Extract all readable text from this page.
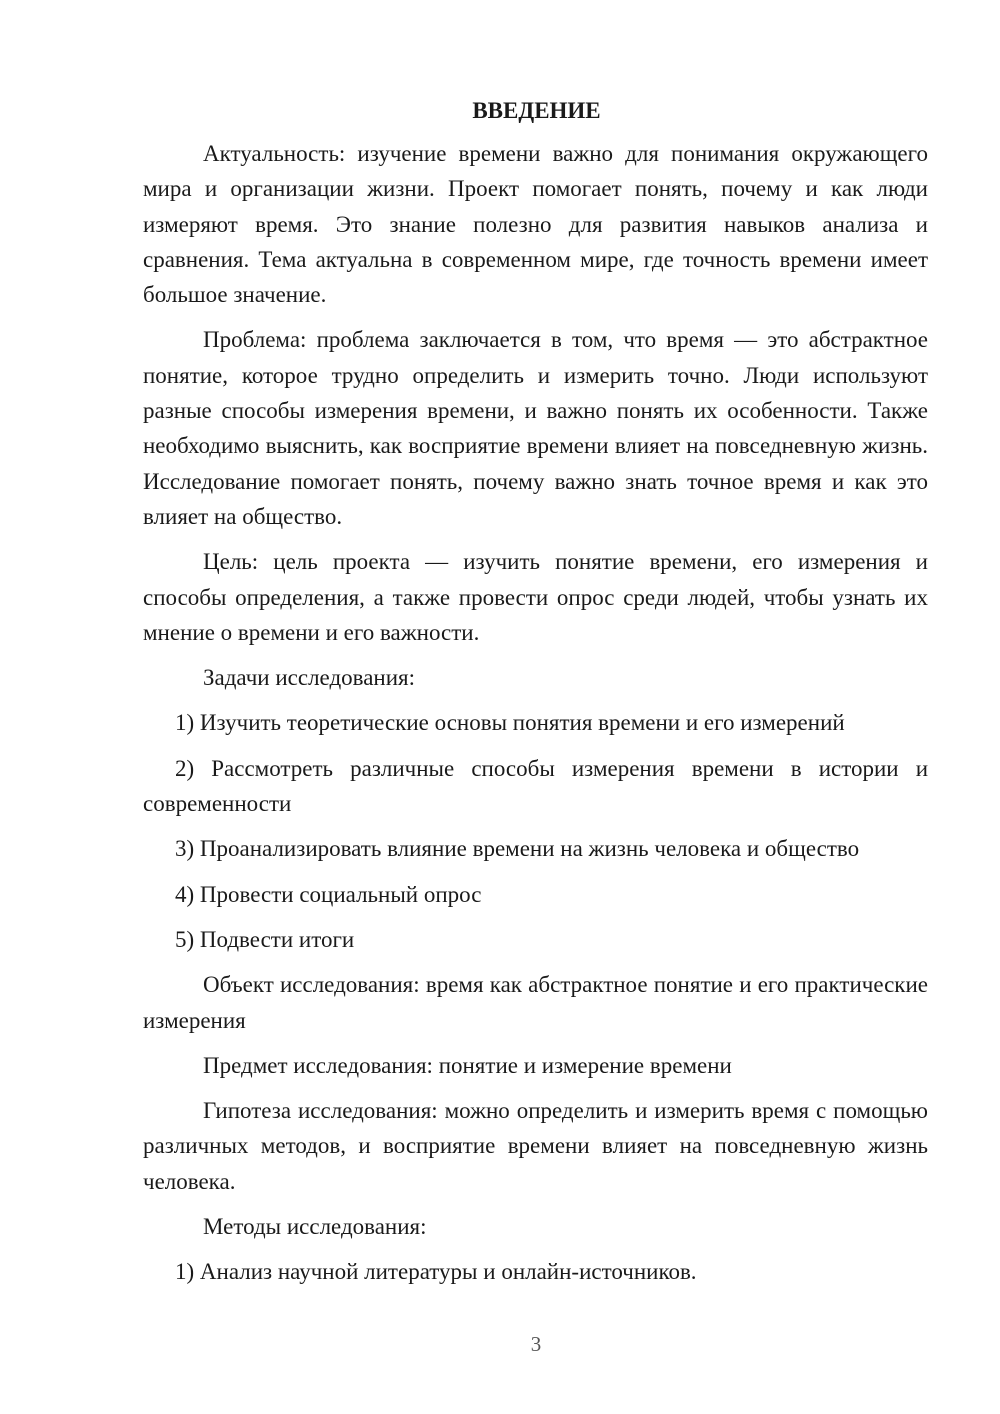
ВВЕДЕНИЕ

Актуальность: изучение времени важно для понимания окружающего мира и организации жизни. Проект помогает понять, почему и как люди измеряют время. Это знание полезно для развития навыков анализа и сравнения. Тема актуальна в современном мире, где точность времени имеет большое значение.

Проблема: проблема заключается в том, что время — это абстрактное понятие, которое трудно определить и измерить точно. Люди используют разные способы измерения времени, и важно понять их особенности. Также необходимо выяснить, как восприятие времени влияет на повседневную жизнь. Исследование помогает понять, почему важно знать точное время и как это влияет на общество.

Цель: цель проекта — изучить понятие времени, его измерения и способы определения, а также провести опрос среди людей, чтобы узнать их мнение о времени и его важности.

Задачи исследования:

1) Изучить теоретические основы понятия времени и его измерений

2) Рассмотреть различные способы измерения времени в истории и современности

3) Проанализировать влияние времени на жизнь человека и общество

4) Провести социальный опрос

5) Подвести итоги

Объект исследования: время как абстрактное понятие и его практические измерения

Предмет исследования: понятие и измерение времени

Гипотеза исследования: можно определить и измерить время с помощью различных методов, и восприятие времени влияет на повседневную жизнь человека.

Методы исследования:

1) Анализ научной литературы и онлайн-источников.

3
